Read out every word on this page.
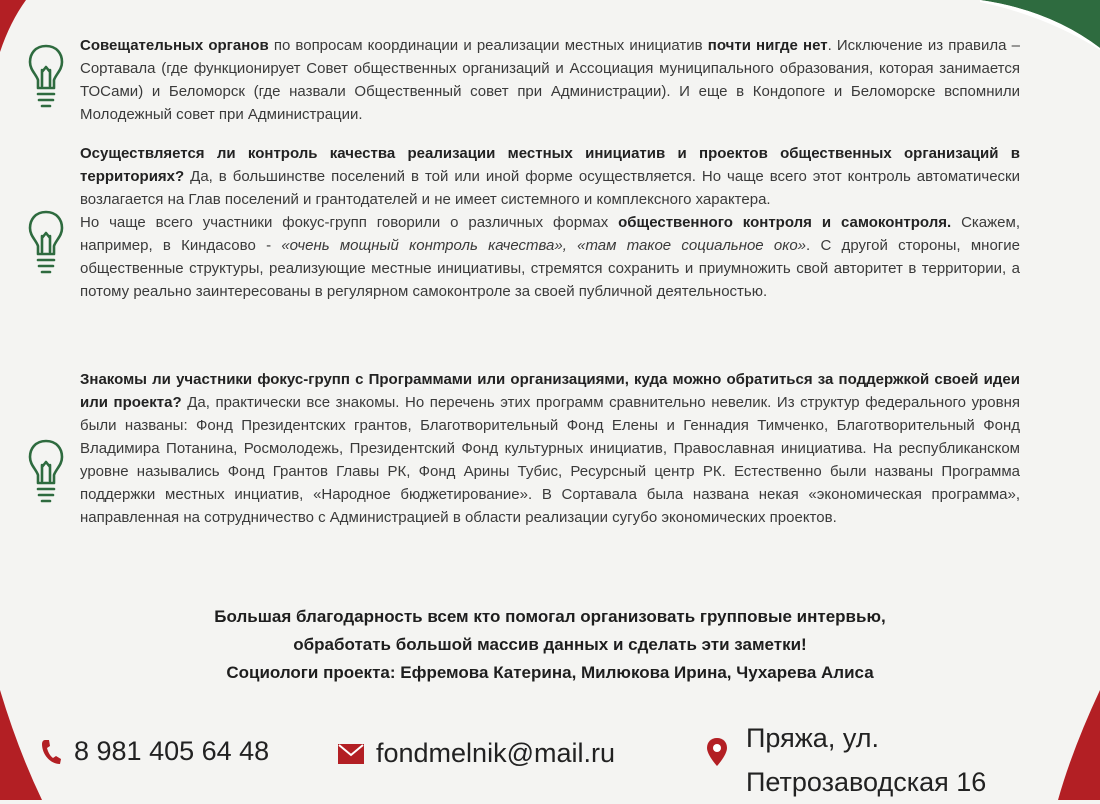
Совещательных органов по вопросам координации и реализации местных инициатив почти нигде нет. Исключение из правила – Сортавала (где функционирует Совет общественных организаций и Ассоциация муниципального образования, которая занимается ТОСами) и Беломорск (где назвали Общественный совет при Администрации). И еще в Кондопоге и Беломорске вспомнили Молодежный совет при Администрации.
Осуществляется ли контроль качества реализации местных инициатив и проектов общественных организаций в территориях? Да, в большинстве поселений в той или иной форме осуществляется. Но чаще всего этот контроль автоматически возлагается на Глав поселений и грантодателей и не имеет системного и комплексного характера.
Но чаще всего участники фокус-групп говорили о различных формах общественного контроля и самоконтроля. Скажем, например, в Киндасово - «очень мощный контроль качества», «там такое социальное око». С другой стороны, многие общественные структуры, реализующие местные инициативы, стремятся сохранить и приумножить свой авторитет в территории, а потому реально заинтересованы в регулярном самоконтроле за своей публичной деятельностью.
Знакомы ли участники фокус-групп с Программами или организациями, куда можно обратиться за поддержкой своей идеи или проекта? Да, практически все знакомы. Но перечень этих программ сравнительно невелик. Из структур федерального уровня были названы: Фонд Президентских грантов, Благотворительный Фонд Елены и Геннадия Тимченко, Благотворительный Фонд Владимира Потанина, Росмолодежь, Президентский Фонд культурных инициатив, Православная инициатива. На республиканском уровне назывались Фонд Грантов Главы РК, Фонд Арины Тубис, Ресурсный центр РК. Естественно были названы Программа поддержки местных инциатив, «Народное бюджетирование». В Сортавала была названа некая «экономическая программа», направленная на сотрудничество с Администрацией в области реализации сугубо экономических проектов.
Большая благодарность всем кто помогал организовать групповые интервью,
обработать большой массив данных и сделать эти заметки!
Социологи проекта: Ефремова Катерина, Милюкова Ирина, Чухарева Алиса
8 981 405 64 48	fondmelnik@mail.ru	Пряжа, ул.
Петрозаводская 16
